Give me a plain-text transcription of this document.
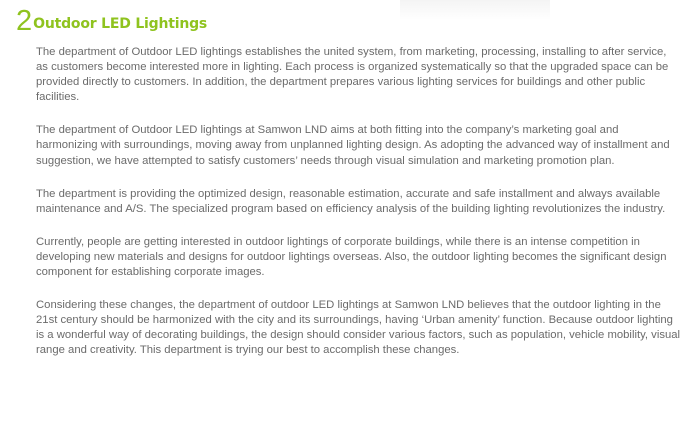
2 Outdoor LED Lightings

The department of Outdoor LED lightings establishes the united system, from marketing, processing, installing to after service, as customers become interested more in lighting. Each process is organized systematically so that the upgraded space can be provided directly to customers. In addition, the department prepares various lighting services for buildings and other public facilities.

The department of Outdoor LED lightings at Samwon LND aims at both fitting into the company’s marketing goal and harmonizing with surroundings, moving away from unplanned lighting design. As adopting the advanced way of installment and suggestion, we have attempted to satisfy customers’ needs through visual simulation and marketing promotion plan.

The department is providing the optimized design, reasonable estimation, accurate and safe installment and always available maintenance and A/S. The specialized program based on efficiency analysis of the building lighting revolutionizes the industry.

Currently, people are getting interested in outdoor lightings of corporate buildings, while there is an intense competition in developing new materials and designs for outdoor lightings overseas. Also, the outdoor lighting becomes the significant design component for establishing corporate images.

Considering these changes, the department of outdoor LED lightings at Samwon LND believes that the outdoor lighting in the 21st century should be harmonized with the city and its surroundings, having ‘Urban amenity’ function. Because outdoor lighting is a wonderful way of decorating buildings, the design should consider various factors, such as population, vehicle mobility, visual range and creativity. This department is trying our best to accomplish these changes.
